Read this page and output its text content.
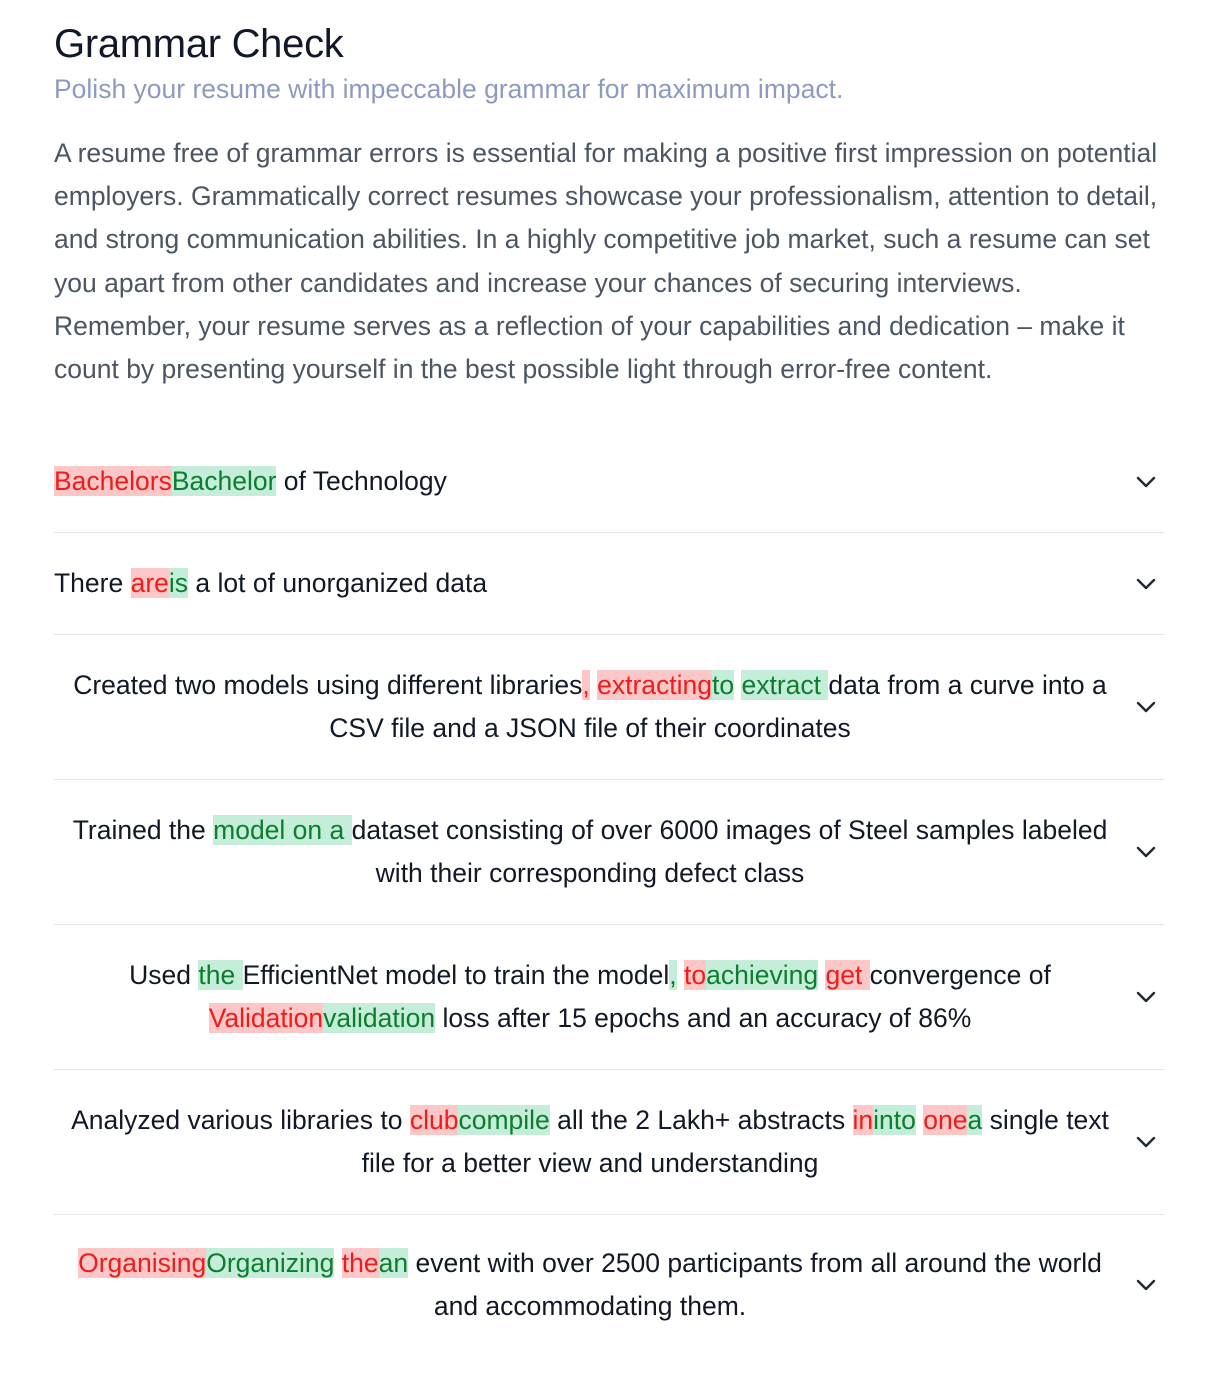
Grammar Check

Polish your resume with impeccable grammar for maximum impact.

A resume free of grammar errors is essential for making a positive first impression on potential employers. Grammatically correct resumes showcase your professionalism, attention to detail, and strong communication abilities. In a highly competitive job market, such a resume can set you apart from other candidates and increase your chances of securing interviews. Remember, your resume serves as a reflection of your capabilities and dedication – make it count by presenting yourself in the best possible light through error-free content.

BachelorsBachelor of Technology
There areis a lot of unorganized data
Created two models using different libraries, extractingto extract data from a curve into a CSV file and a JSON file of their coordinates
Trained the model on a dataset consisting of over 6000 images of Steel samples labeled with their corresponding defect class
Used the EfficientNet model to train the model, toachieving get convergence of Validationvalidation loss after 15 epochs and an accuracy of 86%
Analyzed various libraries to clubcompile all the 2 Lakh+ abstracts ininto onea single text file for a better view and understanding
OrganisingOrganizing thean event with over 2500 participants from all around the world and accommodating them.
